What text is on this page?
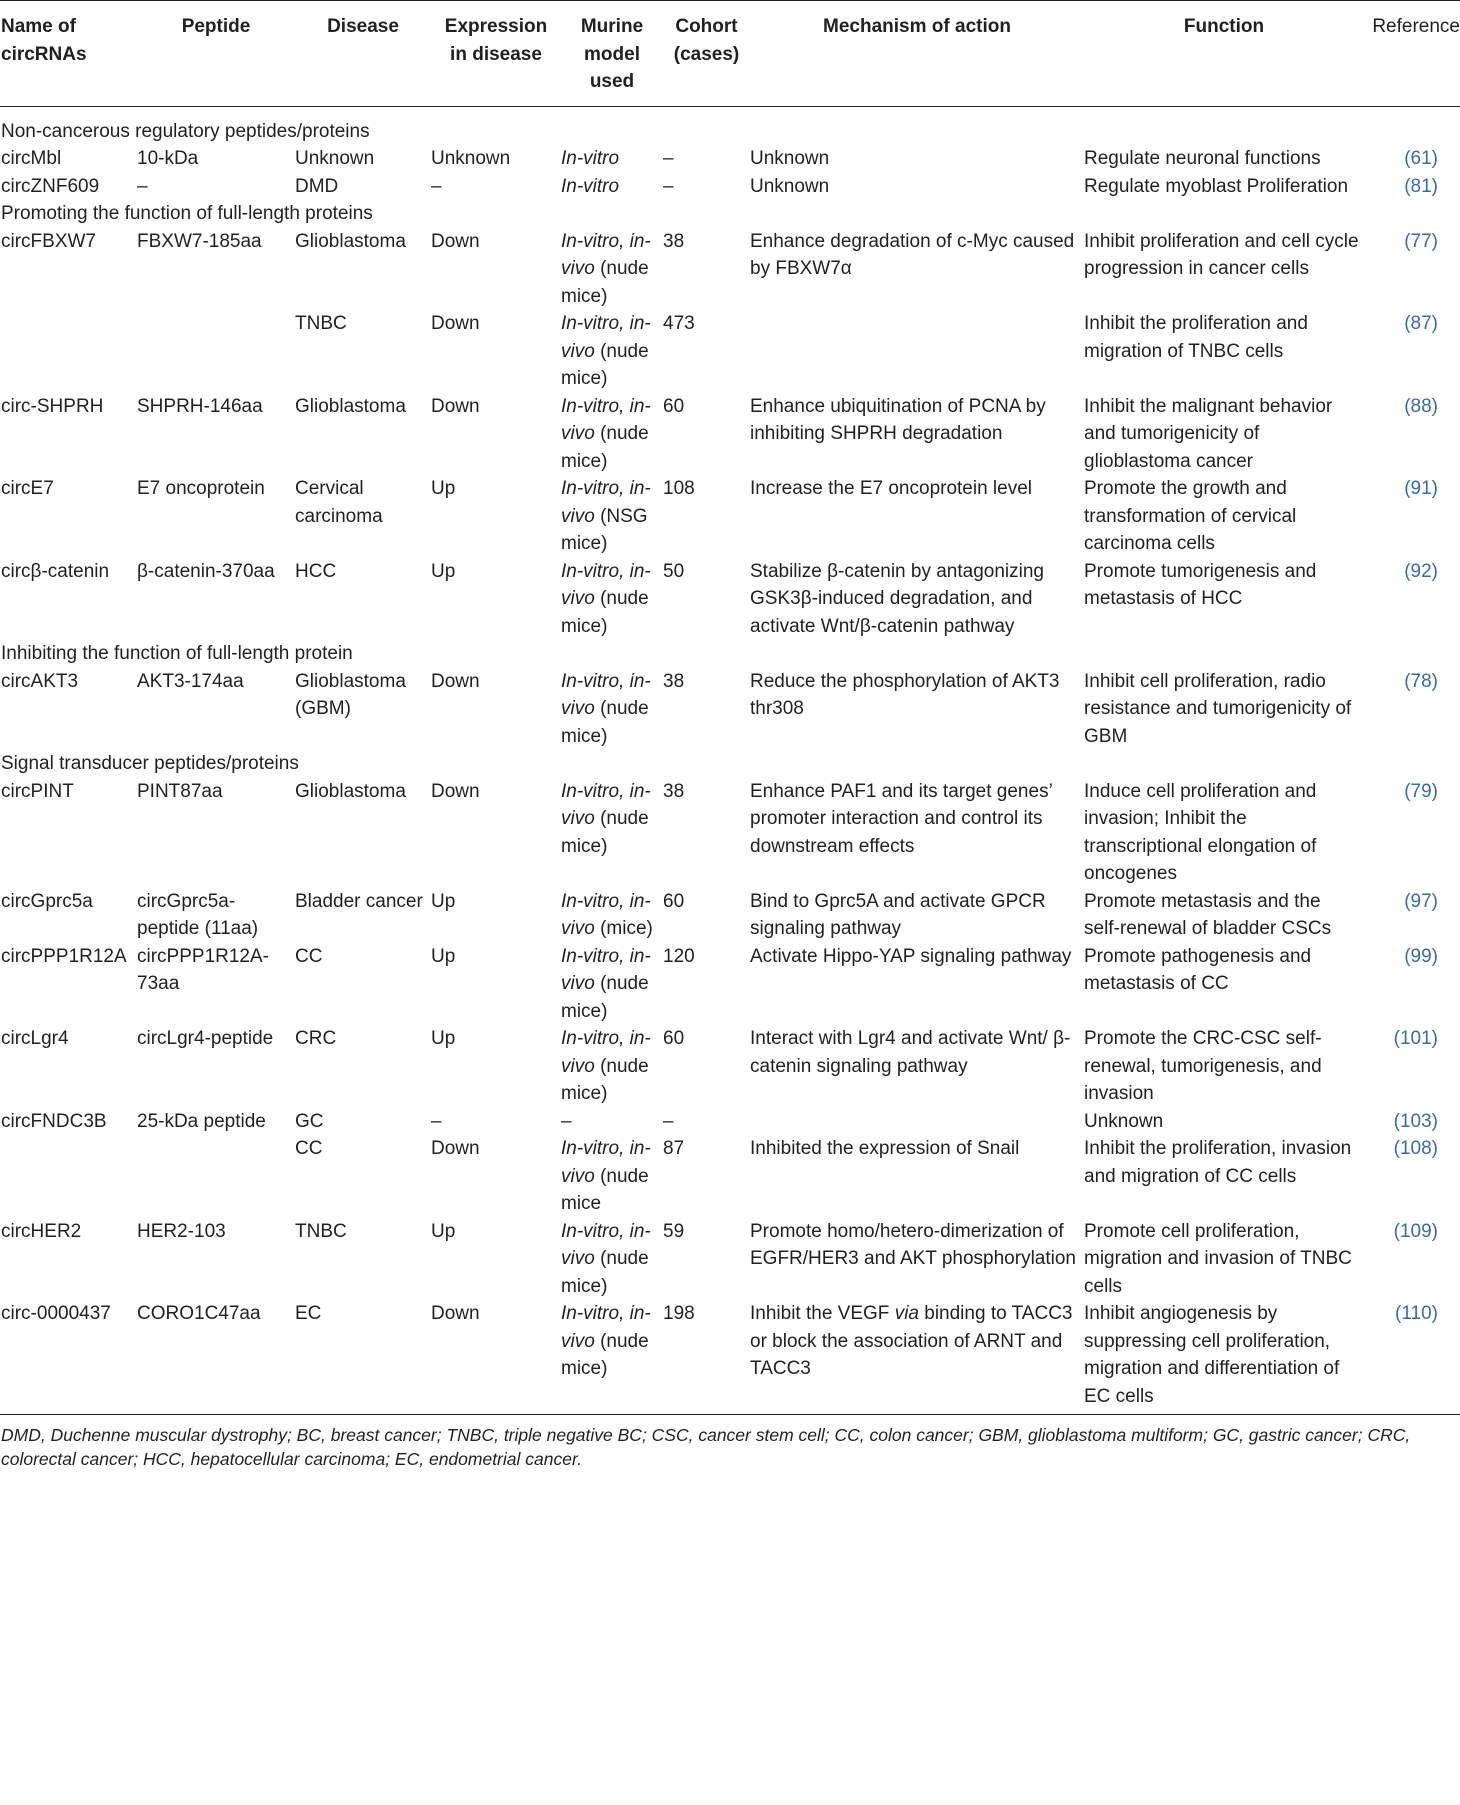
Name of circRNAs	Peptide	Disease	Expression in disease	Murine model used	Cohort (cases)	Mechanism of action	Function	Reference
Non-cancerous regulatory peptides/proteins								
circMbl	10-kDa	Unknown	Unknown	In-vitro	–	Unknown	Regulate neuronal functions	(61)
circZNF609	–	DMD	–	In-vitro	–	Unknown	Regulate myoblast Proliferation	(81)
Promoting the function of full-length proteins								
circFBXW7	FBXW7-185aa	Glioblastoma	Down	In-vitro, in-vivo (nude mice)	38	Enhance degradation of c-Myc caused by FBXW7α	Inhibit proliferation and cell cycle progression in cancer cells	(77)
		TNBC	Down	In-vitro, in-vivo (nude mice)	473		Inhibit the proliferation and migration of TNBC cells	(87)
circ-SHPRH	SHPRH-146aa	Glioblastoma	Down	In-vitro, in-vivo (nude mice)	60	Enhance ubiquitination of PCNA by inhibiting SHPRH degradation	Inhibit the malignant behavior and tumorigenicity of glioblastoma cancer	(88)
circE7	E7 oncoprotein	Cervical carcinoma	Up	In-vitro, in-vivo (NSG mice)	108	Increase the E7 oncoprotein level	Promote the growth and transformation of cervical carcinoma cells	(91)
circβ-catenin	β-catenin-370aa	HCC	Up	In-vitro, in-vivo (nude mice)	50	Stabilize β-catenin by antagonizing GSK3β-induced degradation, and activate Wnt/β-catenin pathway	Promote tumorigenesis and metastasis of HCC	(92)
Inhibiting the function of full-length protein								
circAKT3	AKT3-174aa	Glioblastoma (GBM)	Down	In-vitro, in-vivo (nude mice)	38	Reduce the phosphorylation of AKT3 thr308	Inhibit cell proliferation, radio resistance and tumorigenicity of GBM	(78)
Signal transducer peptides/proteins								
circPINT	PINT87aa	Glioblastoma	Down	In-vitro, in-vivo (nude mice)	38	Enhance PAF1 and its target genes’ promoter interaction and control its downstream effects	Induce cell proliferation and invasion; Inhibit the transcriptional elongation of oncogenes	(79)
circGprc5a	circGprc5a-peptide (11aa)	Bladder cancer	Up	In-vitro, in-vivo (mice)	60	Bind to Gprc5A and activate GPCR signaling pathway	Promote metastasis and the self-renewal of bladder CSCs	(97)
circPPP1R12A	circPPP1R12A-73aa	CC	Up	In-vitro, in-vivo (nude mice)	120	Activate Hippo-YAP signaling pathway	Promote pathogenesis and metastasis of CC	(99)
circLgr4	circLgr4-peptide	CRC	Up	In-vitro, in-vivo (nude mice)	60	Interact with Lgr4 and activate Wnt/ β-catenin signaling pathway	Promote the CRC-CSC self-renewal, tumorigenesis, and invasion	(101)
circFNDC3B	25-kDa peptide	GC	–	–	–		Unknown	(103)
		CC	Down	In-vitro, in-vivo (nude mice	87	Inhibited the expression of Snail	Inhibit the proliferation, invasion and migration of CC cells	(108)
circHER2	HER2-103	TNBC	Up	In-vitro, in-vivo (nude mice)	59	Promote homo/hetero-dimerization of EGFR/HER3 and AKT phosphorylation	Promote cell proliferation, migration and invasion of TNBC cells	(109)
circ-0000437	CORO1C47aa	EC	Down	In-vitro, in-vivo (nude mice)	198	Inhibit the VEGF via binding to TACC3 or block the association of ARNT and TACC3	Inhibit angiogenesis by suppressing cell proliferation, migration and differentiation of EC cells	(110)
DMD, Duchenne muscular dystrophy; BC, breast cancer; TNBC, triple negative BC; CSC, cancer stem cell; CC, colon cancer; GBM, glioblastoma multiform; GC, gastric cancer; CRC, colorectal cancer; HCC, hepatocellular carcinoma; EC, endometrial cancer.
